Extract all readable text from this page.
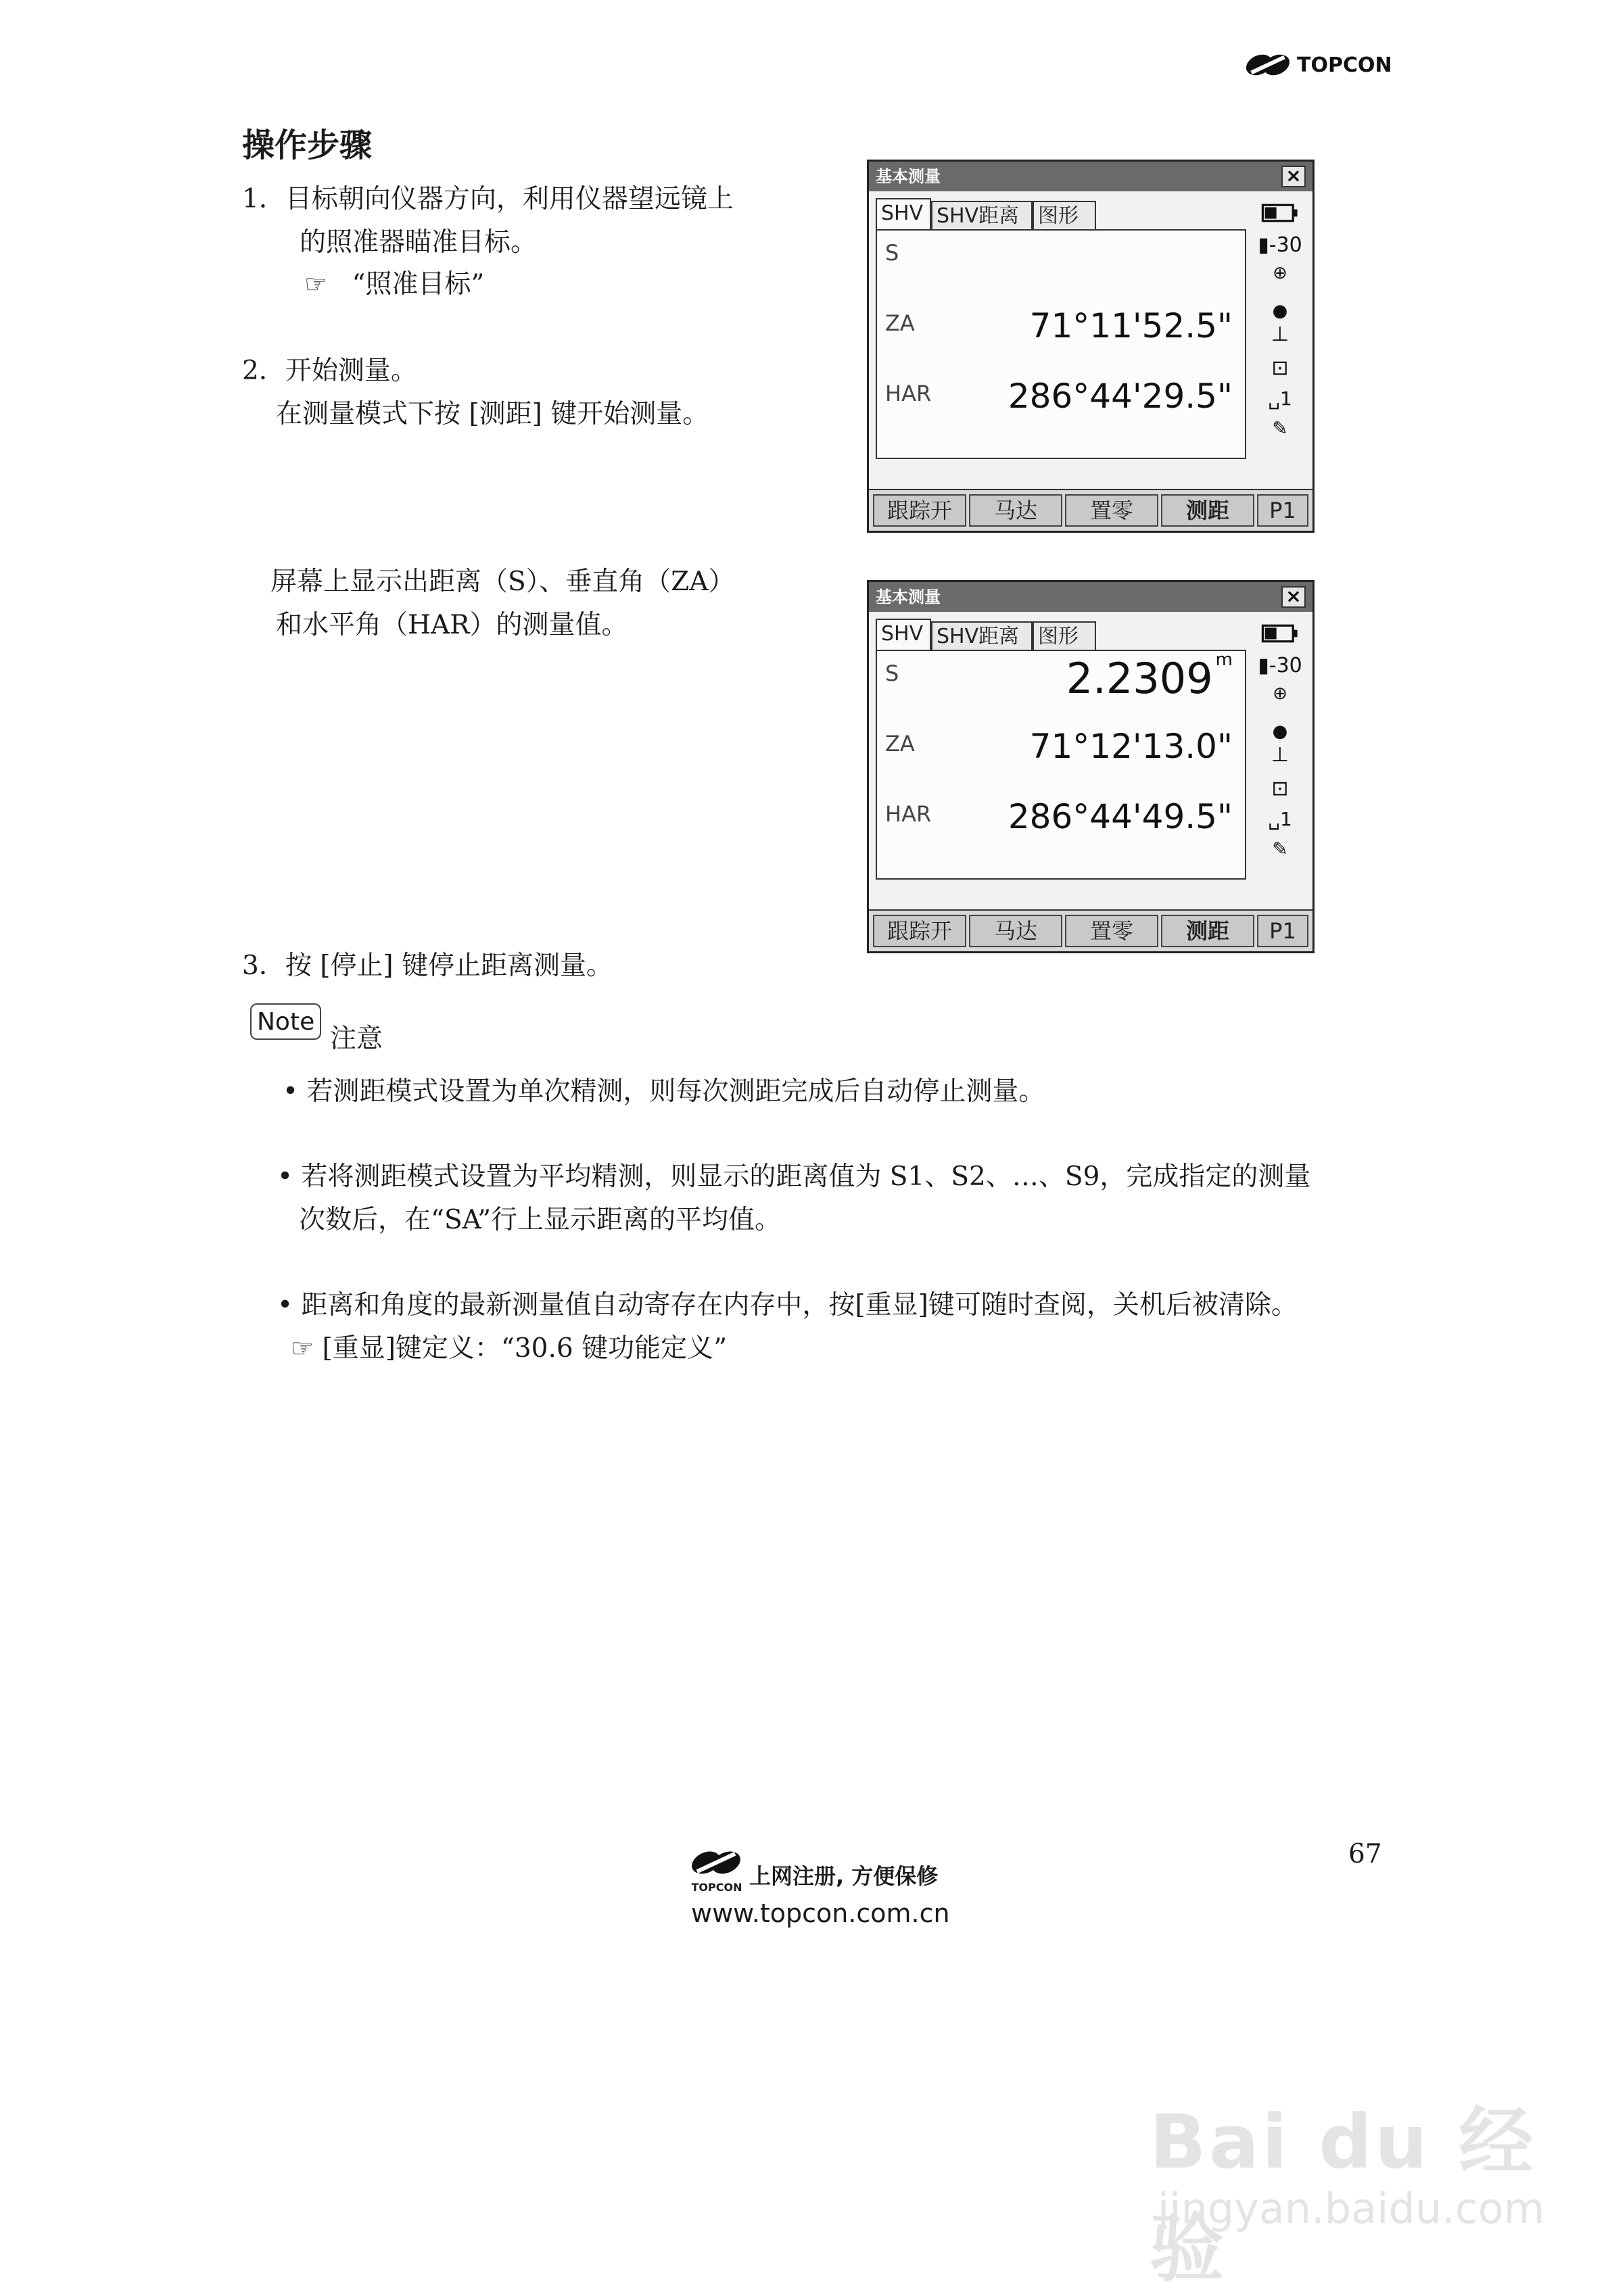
TOPCON
操作步骤
1．目标朝向仪器方向，利用仪器望远镜上
的照准器瞄准目标。
☞ “照准目标”
2．开始测量。
在测量模式下按 [测距] 键开始测量。
基本测量	×
SHV SHV距离 图形
S
ZA	71°11'52.5"
HAR 286°44'29.5"
▮-30
⊕
●
⊥
⊡
␣1
✎
跟踪开	马达	置零	测距	P1
屏幕上显示出距离（S）、垂直角（ZA）
和水平角（HAR）的测量值。
基本测量	×
SHV SHV距离 图形
S	2.2309 $^m$
ZA	71°12'13.0"
HAR 286°44'49.5"
▮-30
⊕
●
⊥
⊡
␣1
✎
跟踪开	马达	置零	测距	P1
3．按 [停止] 键停止距离测量。
Note
注意
• 若测距模式设置为单次精测，则每次测距完成后自动停止测量。
• 若将测距模式设置为平均精测，则显示的距离值为 S1、S2、…、S9，完成指定的测量
次数后，在“SA”行上显示距离的平均值。
• 距离和角度的最新测量值自动寄存在内存中，按[重显]键可随时查阅，关机后被清除。
☞ [重显]键定义：“30.6 键功能定义”
TOPCON 上网注册, 方便保修
www.topcon.com.cn
67
Bai du 经验
jingyan.baidu.com
